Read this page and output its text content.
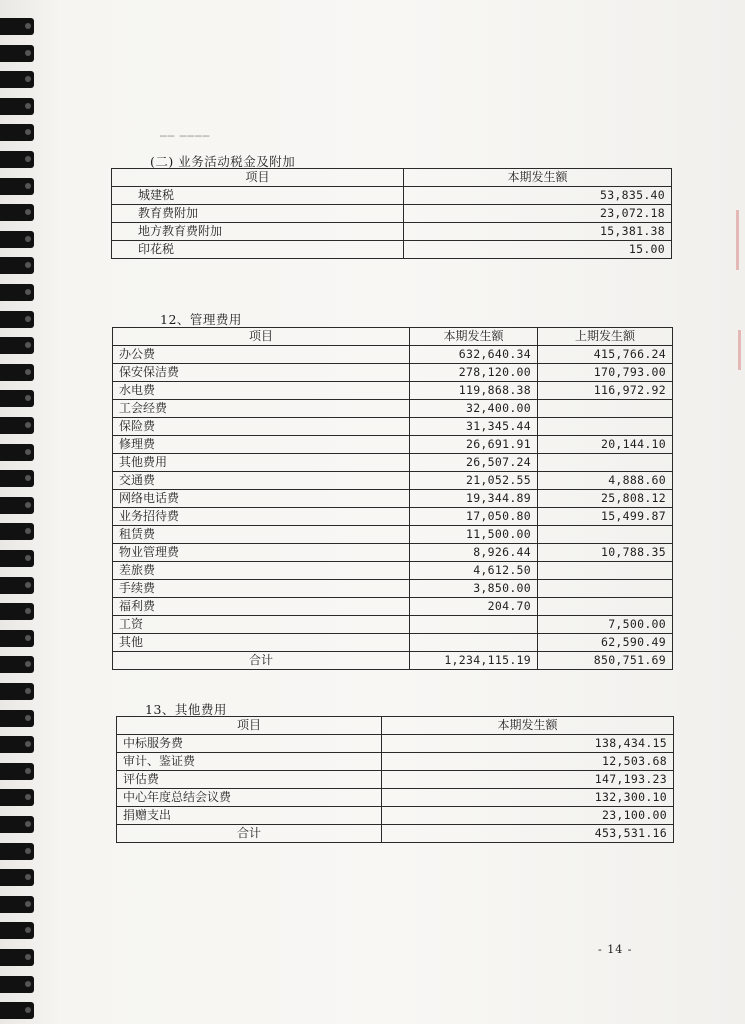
━━ ━━━━
(二) 业务活动税金及附加
项目	本期发生额
城建税	53,835.40
教育费附加	23,072.18
地方教育费附加	15,381.38
印花税	15.00
12、管理费用
项目	本期发生额	上期发生额
办公费	632,640.34	415,766.24
保安保洁费	278,120.00	170,793.00
水电费	119,868.38	116,972.92
工会经费	32,400.00	
保险费	31,345.44	
修理费	26,691.91	20,144.10
其他费用	26,507.24	
交通费	21,052.55	4,888.60
网络电话费	19,344.89	25,808.12
业务招待费	17,050.80	15,499.87
租赁费	11,500.00	
物业管理费	8,926.44	10,788.35
差旅费	4,612.50	
手续费	3,850.00	
福利费	204.70	
工资		7,500.00
其他		62,590.49
合计	1,234,115.19	850,751.69
13、其他费用
项目	本期发生额
中标服务费	138,434.15
审计、鉴证费	12,503.68
评估费	147,193.23
中心年度总结会议费	132,300.10
捐赠支出	23,100.00
合计	453,531.16
- 14 -
